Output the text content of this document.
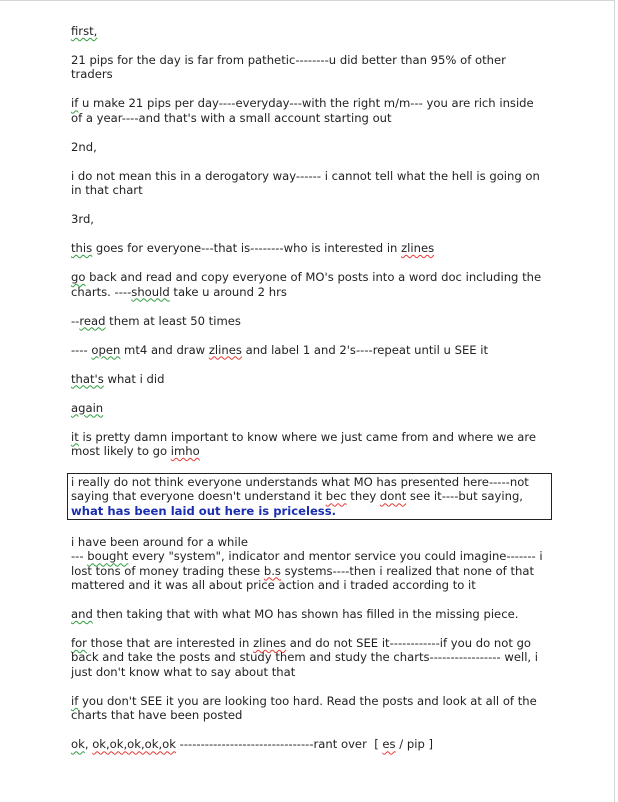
first,
21 pips for the day is far from pathetic--------u did better than 95% of other traders
if u make 21 pips per day----everyday---with the right m/m--- you are rich inside of a year----and that's with a small account starting out
2nd,
i do not mean this in a derogatory way------ i cannot tell what the hell is going on in that chart
3rd,
this goes for everyone---that is--------who is interested in zlines
go back and read and copy everyone of MO's posts into a word doc including the charts. ----should take u around 2 hrs
--read them at least 50 times
---- open mt4 and draw zlines and label 1 and 2's----repeat until u SEE it
that's what i did
again
it is pretty damn important to know where we just came from and where we are most likely to go imho
i really do not think everyone understands what MO has presented here-----not saying that everyone doesn't understand it bec they dont see it----but saying, what has been laid out here is priceless.
i have been around for a while
--- bought every "system", indicator and mentor service you could imagine------- i lost tons of money trading these b.s systems----then i realized that none of that mattered and it was all about price action and i traded according to it
and then taking that with what MO has shown has filled in the missing piece.
for those that are interested in zlines and do not SEE it------------if you do not go back and take the posts and study them and study the charts----------------- well, i just don't know what to say about that
if you don't SEE it you are looking too hard. Read the posts and look at all of the charts that have been posted
ok, ok,ok,ok,ok,ok --------------------------------rant over  [ es / pip ]
